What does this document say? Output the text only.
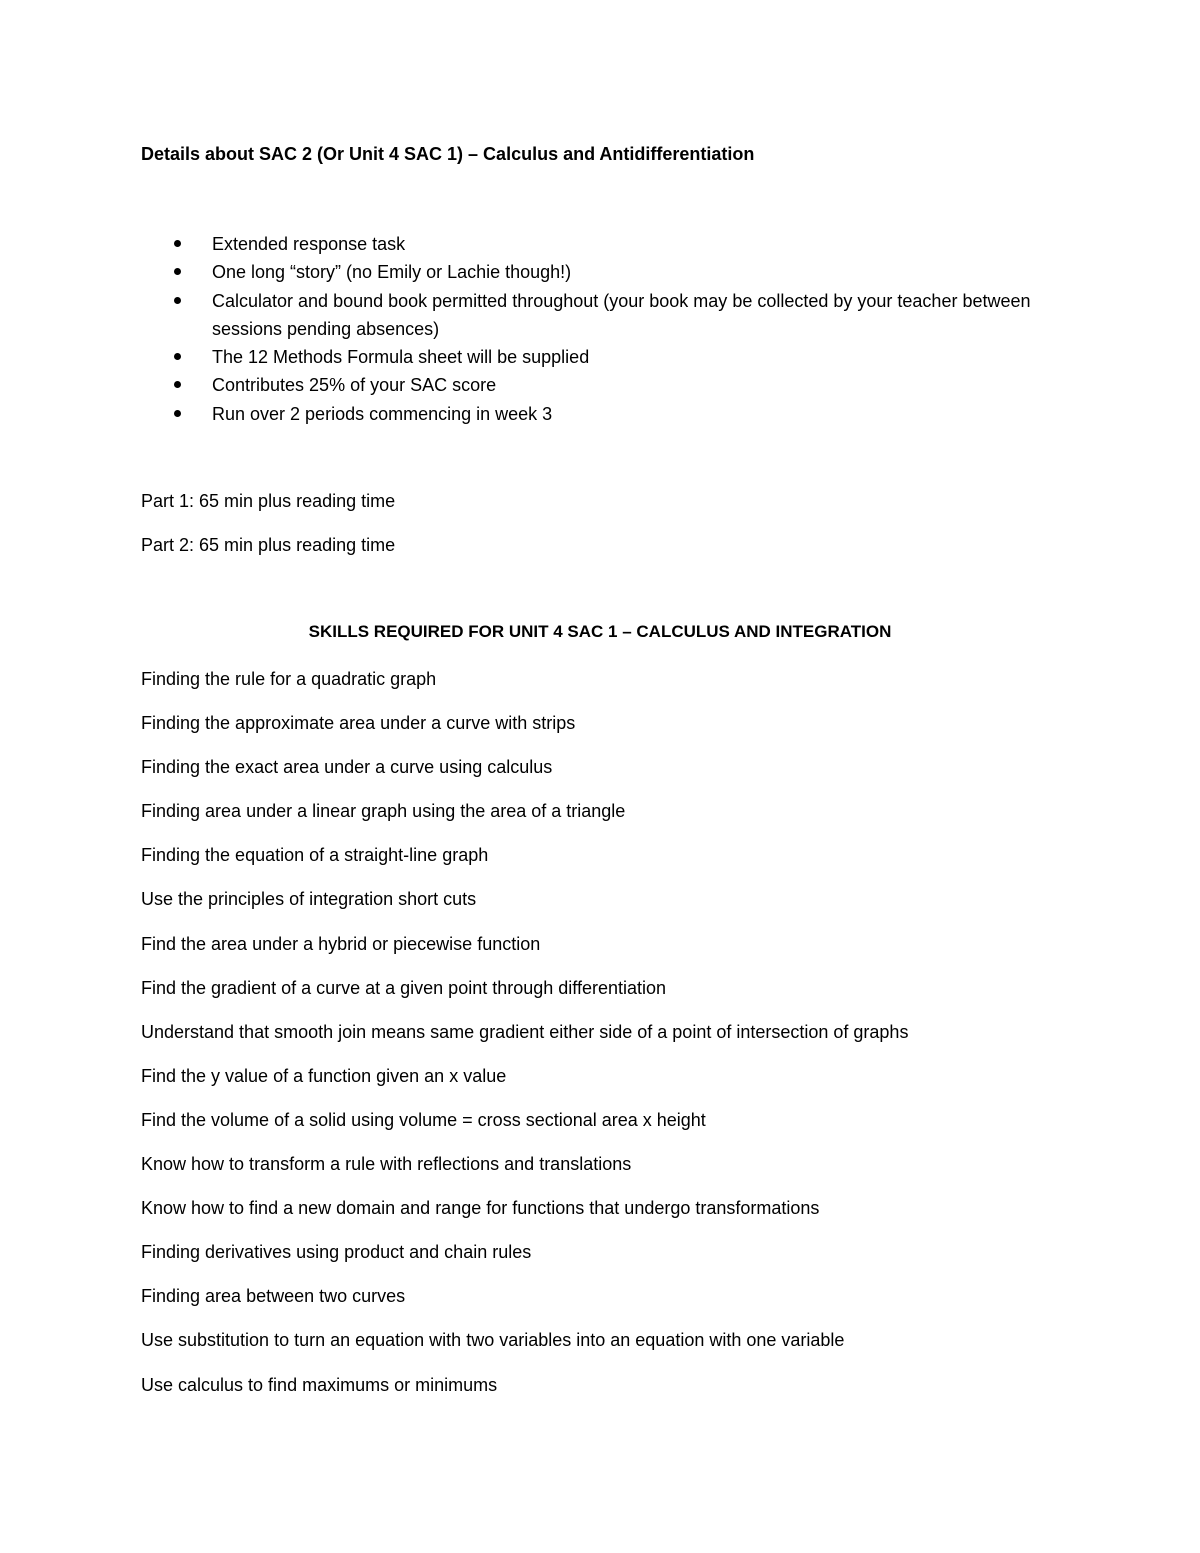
Details about SAC 2 (Or Unit 4 SAC 1) – Calculus and Antidifferentiation
Extended response task
One long “story” (no Emily or Lachie though!)
Calculator and bound book permitted throughout (your book may be collected by your teacher between sessions pending absences)
The 12 Methods Formula sheet will be supplied
Contributes 25% of your SAC score
Run over 2 periods commencing in week 3
Part 1: 65 min plus reading time
Part 2: 65 min plus reading time
SKILLS REQUIRED FOR UNIT 4 SAC 1 – CALCULUS AND INTEGRATION
Finding the rule for a quadratic graph
Finding the approximate area under a curve with strips
Finding the exact area under a curve using calculus
Finding area under a linear graph using the area of a triangle
Finding the equation of a straight-line graph
Use the principles of integration short cuts
Find the area under a hybrid or piecewise function
Find the gradient of a curve at a given point through differentiation
Understand that smooth join means same gradient either side of a point of intersection of graphs
Find the y value of a function given an x value
Find the volume of a solid using volume = cross sectional area x height
Know how to transform a rule with reflections and translations
Know how to find a new domain and range for functions that undergo transformations
Finding derivatives using product and chain rules
Finding area between two curves
Use substitution to turn an equation with two variables into an equation with one variable
Use calculus to find maximums or minimums
